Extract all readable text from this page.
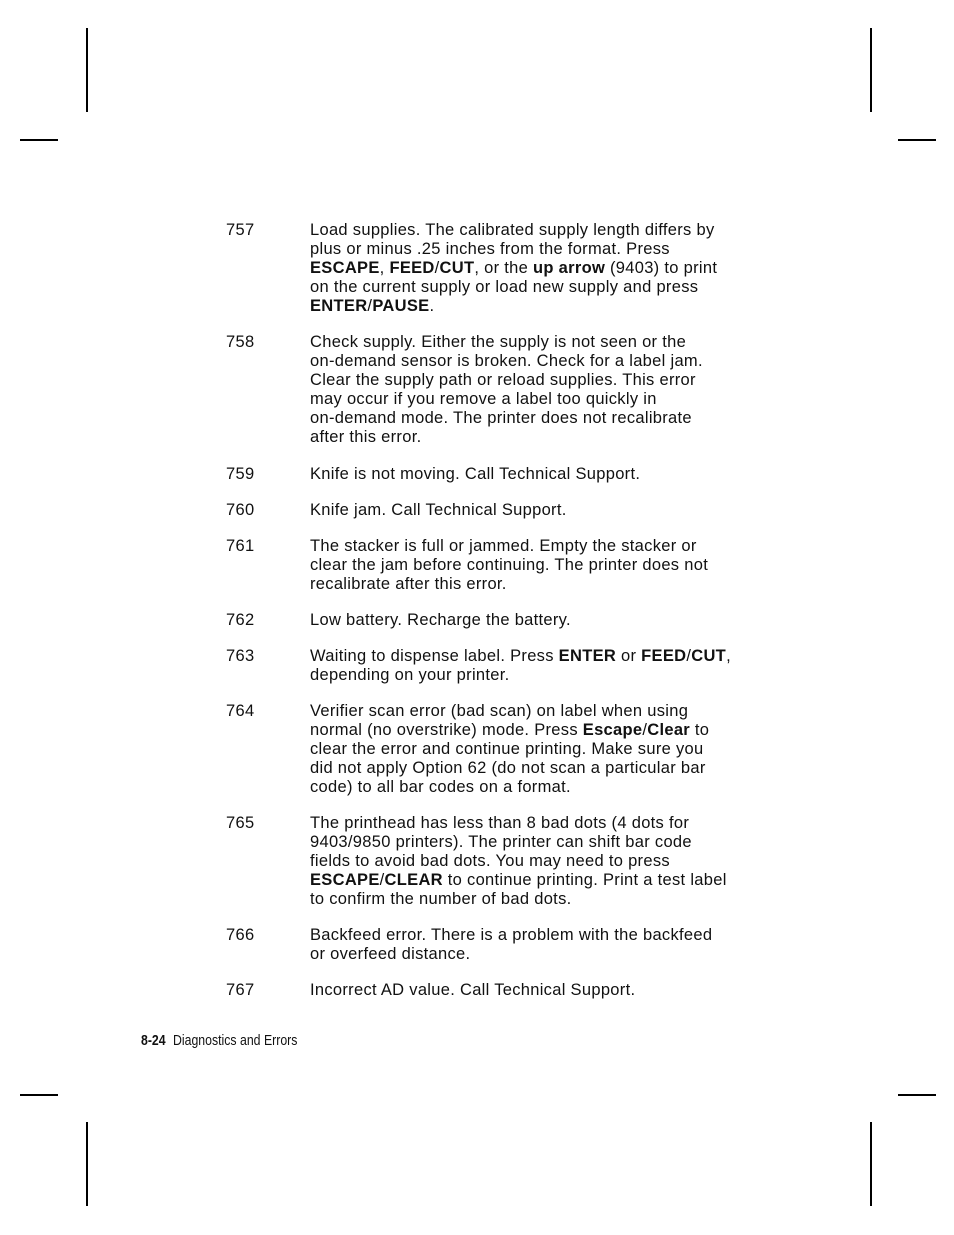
757	Load supplies. The calibrated supply length differs by
plus or minus .25 inches from the format. Press
ESCAPE, FEED/CUT, or the up arrow (9403) to print
on the current supply or load new supply and press
ENTER/PAUSE.
758	Check supply. Either the supply is not seen or the
on-demand sensor is broken. Check for a label jam.
Clear the supply path or reload supplies. This error
may occur if you remove a label too quickly in
on-demand mode. The printer does not recalibrate
after this error.
759	Knife is not moving. Call Technical Support.
760	Knife jam. Call Technical Support.
761	The stacker is full or jammed. Empty the stacker or
clear the jam before continuing. The printer does not
recalibrate after this error.
762	Low battery. Recharge the battery.
763	Waiting to dispense label. Press ENTER or FEED/CUT,
depending on your printer.
764	Verifier scan error (bad scan) on label when using
normal (no overstrike) mode. Press Escape/Clear to
clear the error and continue printing. Make sure you
did not apply Option 62 (do not scan a particular bar
code) to all bar codes on a format.
765	The printhead has less than 8 bad dots (4 dots for
9403/9850 printers). The printer can shift bar code
fields to avoid bad dots. You may need to press
ESCAPE/CLEAR to continue printing. Print a test label
to confirm the number of bad dots.
766	Backfeed error. There is a problem with the backfeed
or overfeed distance.
767	Incorrect AD value. Call Technical Support.
8-24 Diagnostics and Errors
